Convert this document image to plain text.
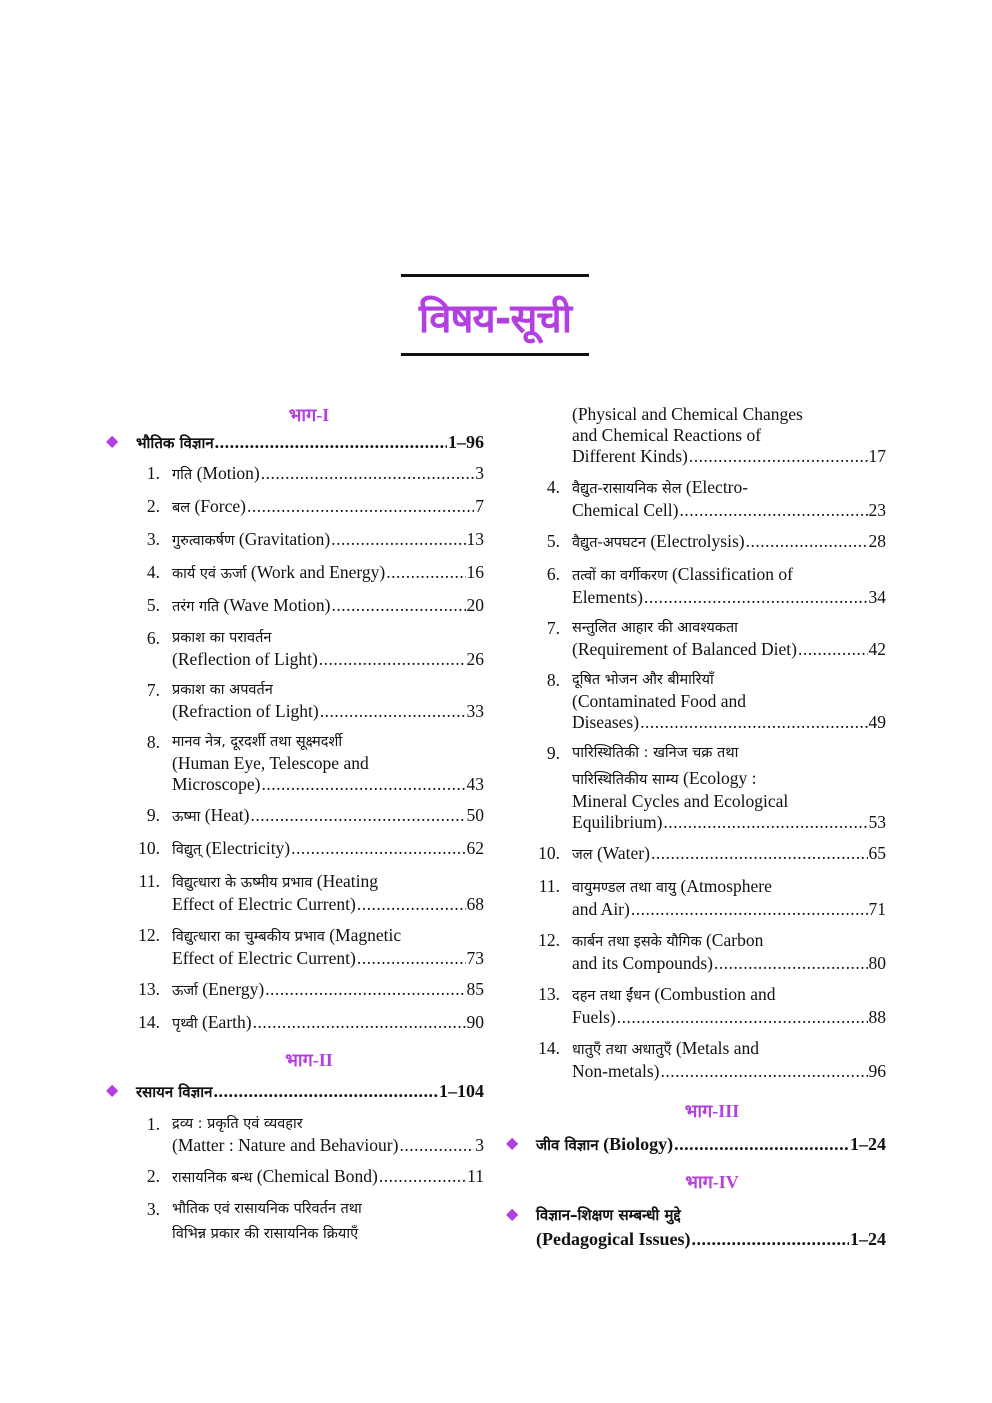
विषय-सूची
भाग-I
◆ भौतिक विज्ञान .....	1–96
1. गति
(Motion) .....	3
2. बल
(Force) .....	7
3. गुरुत्वाकर्षण
(Gravitation) .....	13
4. कार्य एवं ऊर्जा
(Work and Energy) .....	16
5. तरंग गति
(Wave Motion) .....	20
6. प्रकाश का परावर्तन
(Reflection of Light) .....	26
7. प्रकाश का अपवर्तन
(Refraction of Light) .....	33
8. मानव नेत्र, दूरदर्शी तथा सूक्ष्मदर्शी
(Human Eye, Telescope and
Microscope) .....	43
9. ऊष्मा
(Heat) .....	50
10. विद्युत्
(Electricity) .....	62
11. विद्युत्धारा के ऊष्मीय प्रभाव (Heating
Effect of Electric Current) .....	68
12. विद्युत्धारा का चुम्बकीय प्रभाव (Magnetic
Effect of Electric Current) .....	73
13. ऊर्जा
(Energy) .....	85
14. पृथ्वी
(Earth) .....	90
भाग-II
◆ रसायन विज्ञान .....	1–104
1. द्रव्य : प्रकृति एवं व्यवहार
(Matter : Nature and Behaviour) .....	3
2. रासायनिक बन्ध
(Chemical Bond) .....	11
3. भौतिक एवं रासायनिक परिवर्तन तथा
विभिन्न प्रकार की रासायनिक क्रियाएँ
(Physical and Chemical Changes
and Chemical Reactions of
Different Kinds) .....	17
4. वैद्युत-रासायनिक सेल (Electro-
Chemical Cell) .....	23
5. वैद्युत-अपघटन
(Electrolysis) .....	28
6. तत्वों का वर्गीकरण (Classification of
Elements) .....	34
7. सन्तुलित आहार की आवश्यकता
(Requirement of Balanced Diet) .....	42
8. दूषित भोजन और बीमारियाँ
(Contaminated Food and
Diseases) .....	49
9. पारिस्थितिकी : खनिज चक्र तथा
पारिस्थितिकीय साम्य (Ecology :
Mineral Cycles and Ecological
Equilibrium) .....	53
10. जल
(Water) .....	65
11. वायुमण्डल तथा वायु (Atmosphere
and Air) .....	71
12. कार्बन तथा इसके यौगिक (Carbon
and its Compounds) .....	80
13. दहन तथा ईंधन (Combustion and
Fuels) .....	88
14. धातुएँ तथा अधातुएँ (Metals and
Non-metals) .....	96
भाग-III
◆ जीव विज्ञान
(Biology) .....	1–24
भाग-IV
◆ विज्ञान–शिक्षण सम्बन्धी मुद्दे
(Pedagogical Issues) .....	1–24
